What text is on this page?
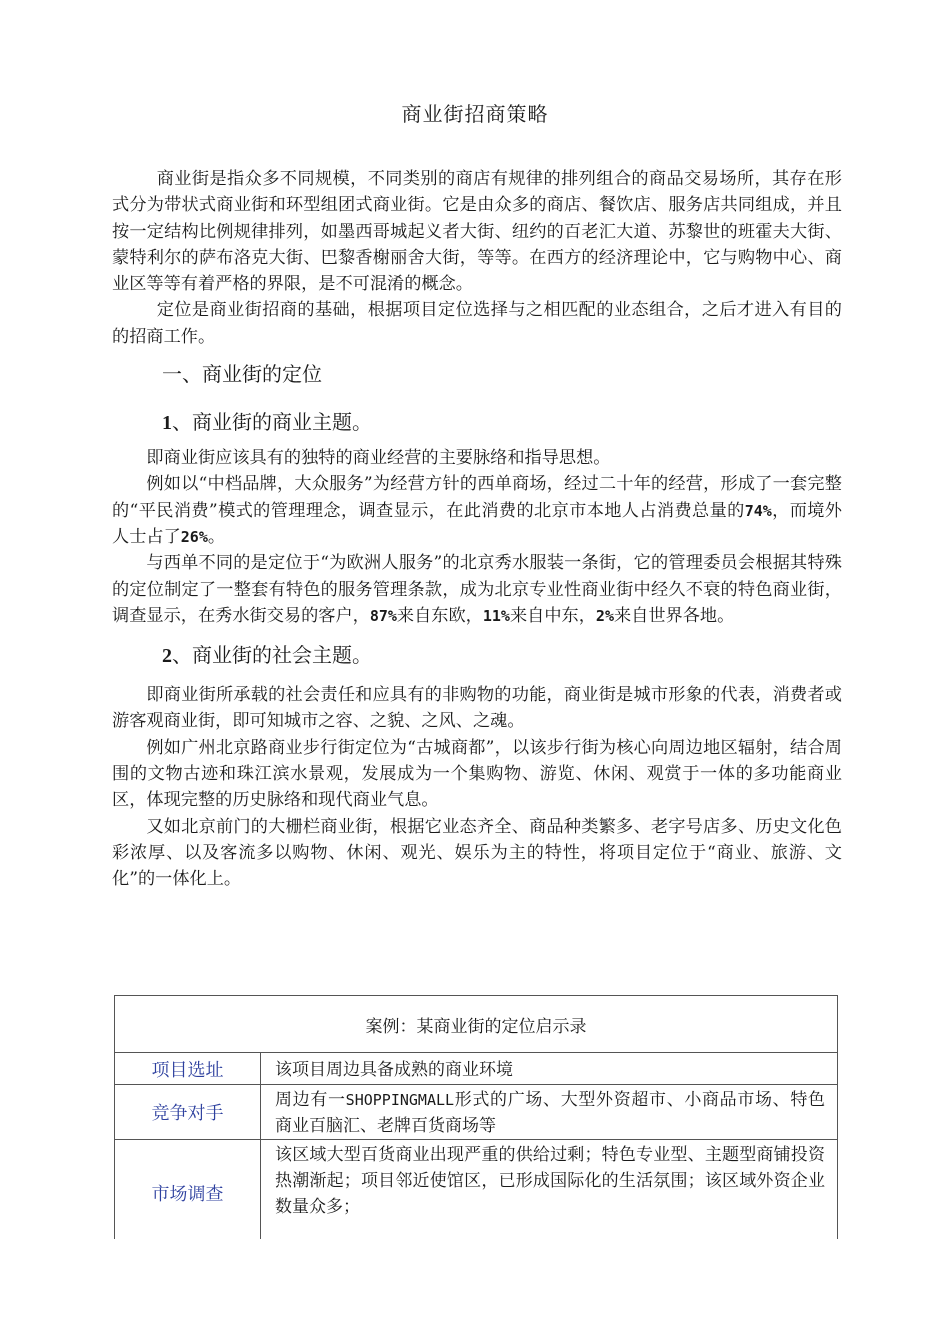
商业街招商策略

商业街是指众多不同规模，不同类别的商店有规律的排列组合的商品交易场所，其存在形式分为带状式商业街和环型组团式商业街。它是由众多的商店、餐饮店、服务店共同组成，并且按一定结构比例规律排列，如墨西哥城起义者大街、纽约的百老汇大道、苏黎世的班霍夫大街、蒙特利尔的萨布洛克大街、巴黎香榭丽舍大街，等等。在西方的经济理论中，它与购物中心、商业区等等有着严格的界限，是不可混淆的概念。

定位是商业街招商的基础，根据项目定位选择与之相匹配的业态组合，之后才进入有目的的招商工作。

一、商业街的定位

1、商业街的商业主题。

即商业街应该具有的独特的商业经营的主要脉络和指导思想。

例如以“中档品牌，大众服务”为经营方针的西单商场，经过二十年的经营，形成了一套完整的“平民消费”模式的管理理念，调查显示，在此消费的北京市本地人占消费总量的74%，而境外人士占了26%。

与西单不同的是定位于“为欧洲人服务”的北京秀水服装一条街，它的管理委员会根据其特殊的定位制定了一整套有特色的服务管理条款，成为北京专业性商业街中经久不衰的特色商业街，调查显示，在秀水街交易的客户，87%来自东欧，11%来自中东，2%来自世界各地。

2、商业街的社会主题。

即商业街所承载的社会责任和应具有的非购物的功能，商业街是城市形象的代表，消费者或游客观商业街，即可知城市之容、之貌、之风、之魂。

例如广州北京路商业步行街定位为“古城商都”，以该步行街为核心向周边地区辐射，结合周围的文物古迹和珠江滨水景观，发展成为一个集购物、游览、休闲、观赏于一体的多功能商业区，体现完整的历史脉络和现代商业气息。

又如北京前门的大栅栏商业街，根据它业态齐全、商品种类繁多、老字号店多、历史文化色彩浓厚、以及客流多以购物、休闲、观光、娱乐为主的特性，将项目定位于“商业、旅游、文化”的一体化上。

案例：某商业街的定位启示录	
项目选址	该项目周边具备成熟的商业环境
竞争对手	周边有一SHOPPINGMALL形式的广场、大型外资超市、小商品市场、特色商业百脑汇、老牌百货商场等
市场调查	该区域大型百货商业出现严重的供给过剩；特色专业型、主题型商铺投资热潮渐起；项目邻近使馆区，已形成国际化的生活氛围；该区域外资企业数量众多；
